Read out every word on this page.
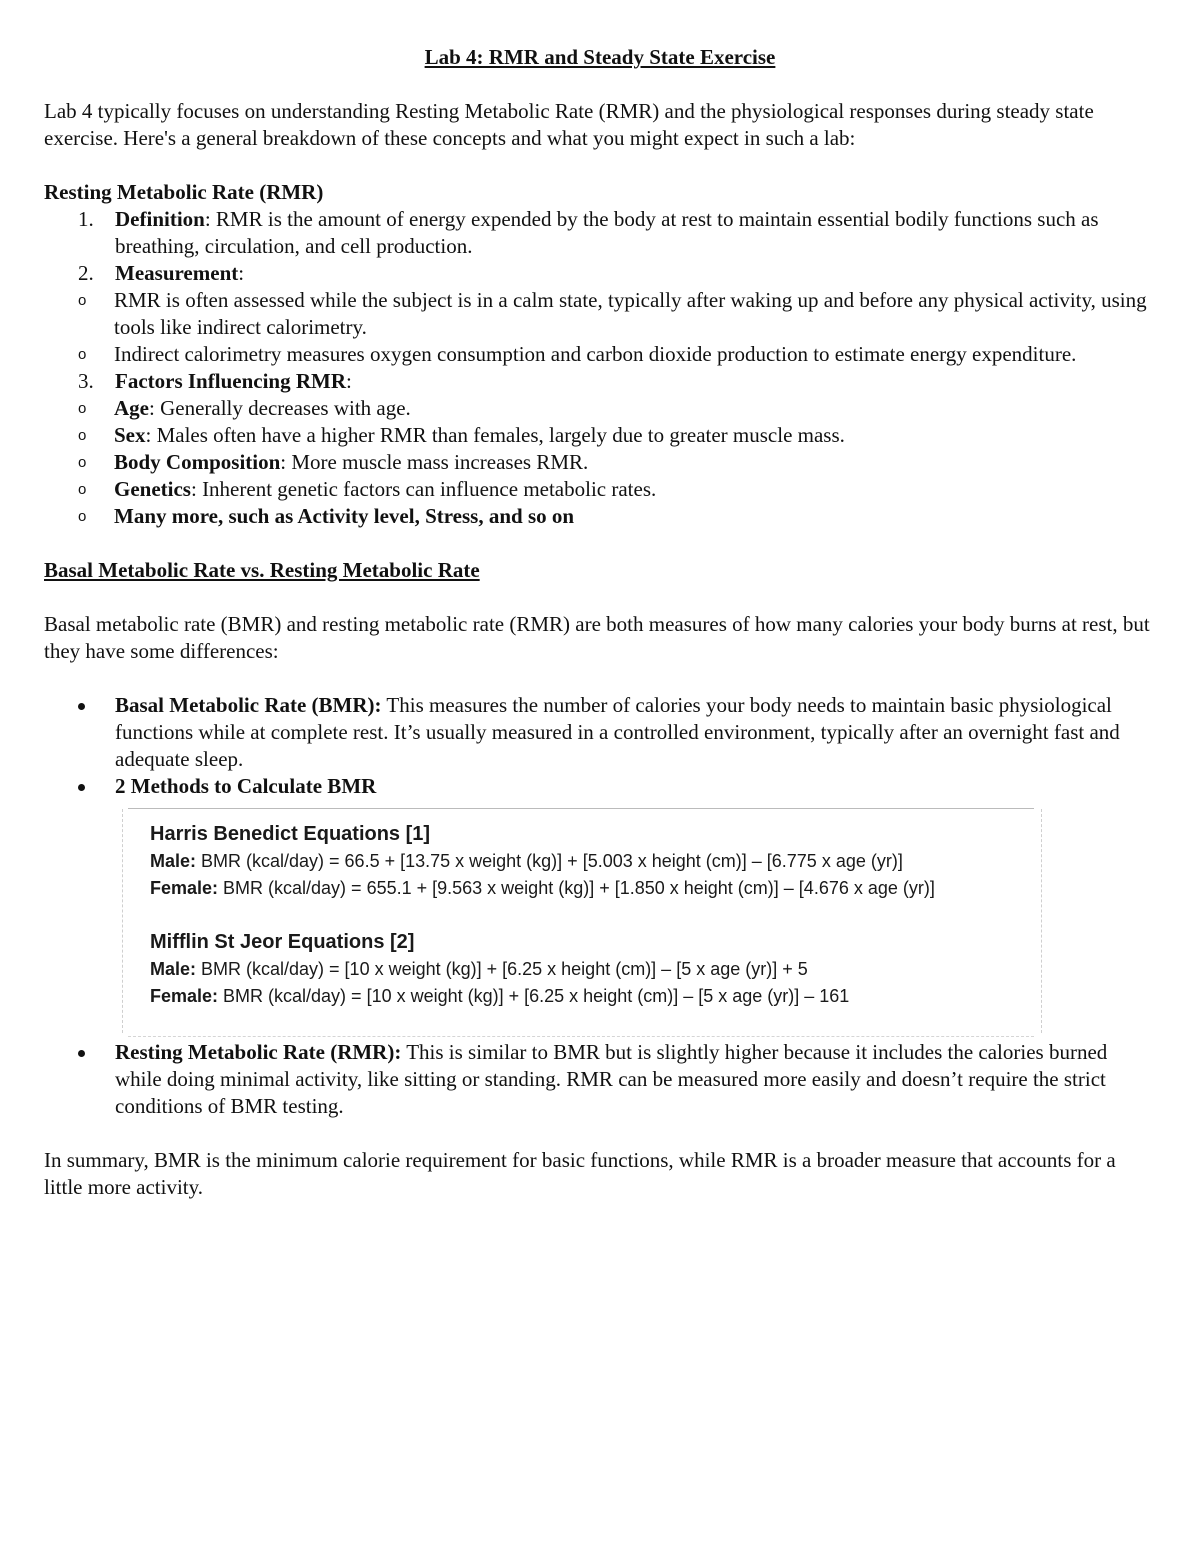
Lab 4: RMR and Steady State Exercise

Lab 4 typically focuses on understanding Resting Metabolic Rate (RMR) and the physiological responses during steady state exercise. Here's a general breakdown of these concepts and what you might expect in such a lab:

Resting Metabolic Rate (RMR)

1.	Definition: RMR is the amount of energy expended by the body at rest to maintain essential bodily functions such as breathing, circulation, and cell production.
2.	Measurement:
o RMR is often assessed while the subject is in a calm state, typically after waking up and before any physical activity, using tools like indirect calorimetry.
o Indirect calorimetry measures oxygen consumption and carbon dioxide production to estimate energy expenditure.
3.	Factors Influencing RMR:
o Age: Generally decreases with age.
o Sex: Males often have a higher RMR than females, largely due to greater muscle mass.
o Body Composition: More muscle mass increases RMR.
o Genetics: Inherent genetic factors can influence metabolic rates.
o Many more, such as Activity level, Stress, and so on

Basal Metabolic Rate vs. Resting Metabolic Rate

Basal metabolic rate (BMR) and resting metabolic rate (RMR) are both measures of how many calories your body burns at rest, but they have some differences:

Basal Metabolic Rate (BMR): This measures the number of calories your body needs to maintain basic physiological functions while at complete rest. It’s usually measured in a controlled environment, typically after an overnight fast and adequate sleep.
2 Methods to Calculate BMR

Harris Benedict Equations [1]

Male: BMR (kcal/day) = 66.5 + [13.75 x weight (kg)] + [5.003 x height (cm)] – [6.775 x age (yr)]

Female: BMR (kcal/day) = 655.1 + [9.563 x weight (kg)] + [1.850 x height (cm)] – [4.676 x age (yr)]

Mifflin St Jeor Equations [2]

Male: BMR (kcal/day) = [10 x weight (kg)] + [6.25 x height (cm)] – [5 x age (yr)] + 5

Female: BMR (kcal/day) = [10 x weight (kg)] + [6.25 x height (cm)] – [5 x age (yr)] – 161

Resting Metabolic Rate (RMR): This is similar to BMR but is slightly higher because it includes the calories burned while doing minimal activity, like sitting or standing. RMR can be measured more easily and doesn’t require the strict conditions of BMR testing.

In summary, BMR is the minimum calorie requirement for basic functions, while RMR is a broader measure that accounts for a little more activity.
